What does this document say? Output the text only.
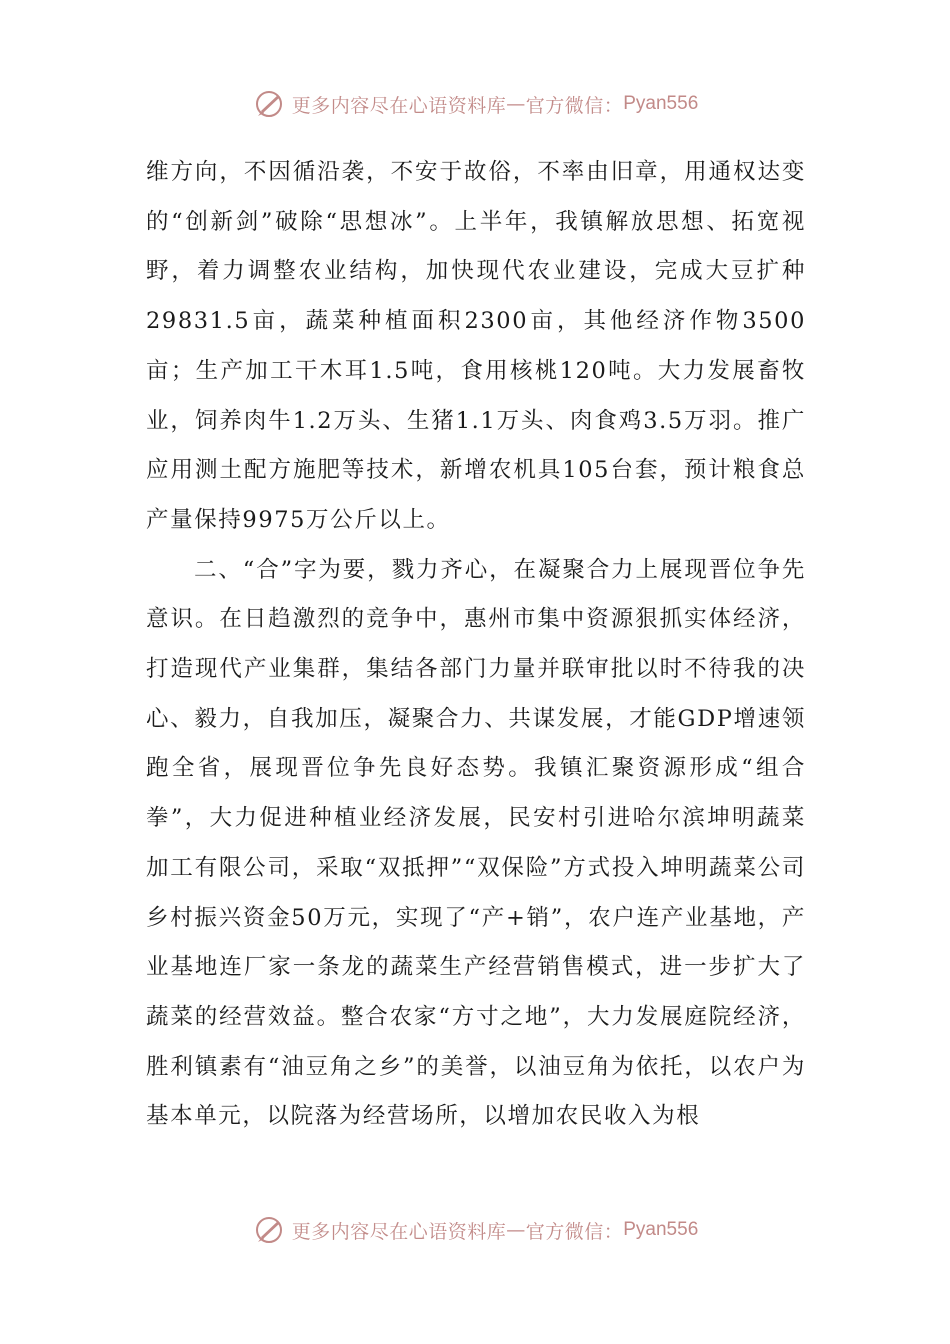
更多内容尽在心语资料库 — 官方微信： Pyan556

维方向，不因循沿袭，不安于故俗，不率由旧章，用通权达变的“创新剑”破除“思想冰”。上半年，我镇解放思想、拓宽视野，着力调整农业结构，加快现代农业建设，完成大豆扩种29831.5亩，蔬菜种植面积2300亩，其他经济作物3500亩；生产加工干木耳1.5吨，食用核桃120吨。大力发展畜牧业，饲养肉牛1.2万头、生猪1.1万头、肉食鸡3.5万羽。推广应用测土配方施肥等技术，新增农机具105台套，预计粮食总产量保持9975万公斤以上。

二、“合”字为要，戮力齐心，在凝聚合力上展现晋位争先意识。在日趋激烈的竞争中，惠州市集中资源狠抓实体经济，打造现代产业集群，集结各部门力量并联审批以时不待我的决心、毅力，自我加压，凝聚合力、共谋发展，才能GDP增速领跑全省，展现晋位争先良好态势。我镇汇聚资源形成“组合拳”，大力促进种植业经济发展，民安村引进哈尔滨坤明蔬菜加工有限公司，采取“双抵押”“双保险”方式投入坤明蔬菜公司乡村振兴资金50万元，实现了“产+销”，农户连产业基地，产业基地连厂家一条龙的蔬菜生产经营销售模式，进一步扩大了蔬菜的经营效益。整合农家“方寸之地”，大力发展庭院经济，胜利镇素有“油豆角之乡”的美誉，以油豆角为依托，以农户为基本单元，以院落为经营场所，以增加农民收入为根

更多内容尽在心语资料库 — 官方微信： Pyan556
